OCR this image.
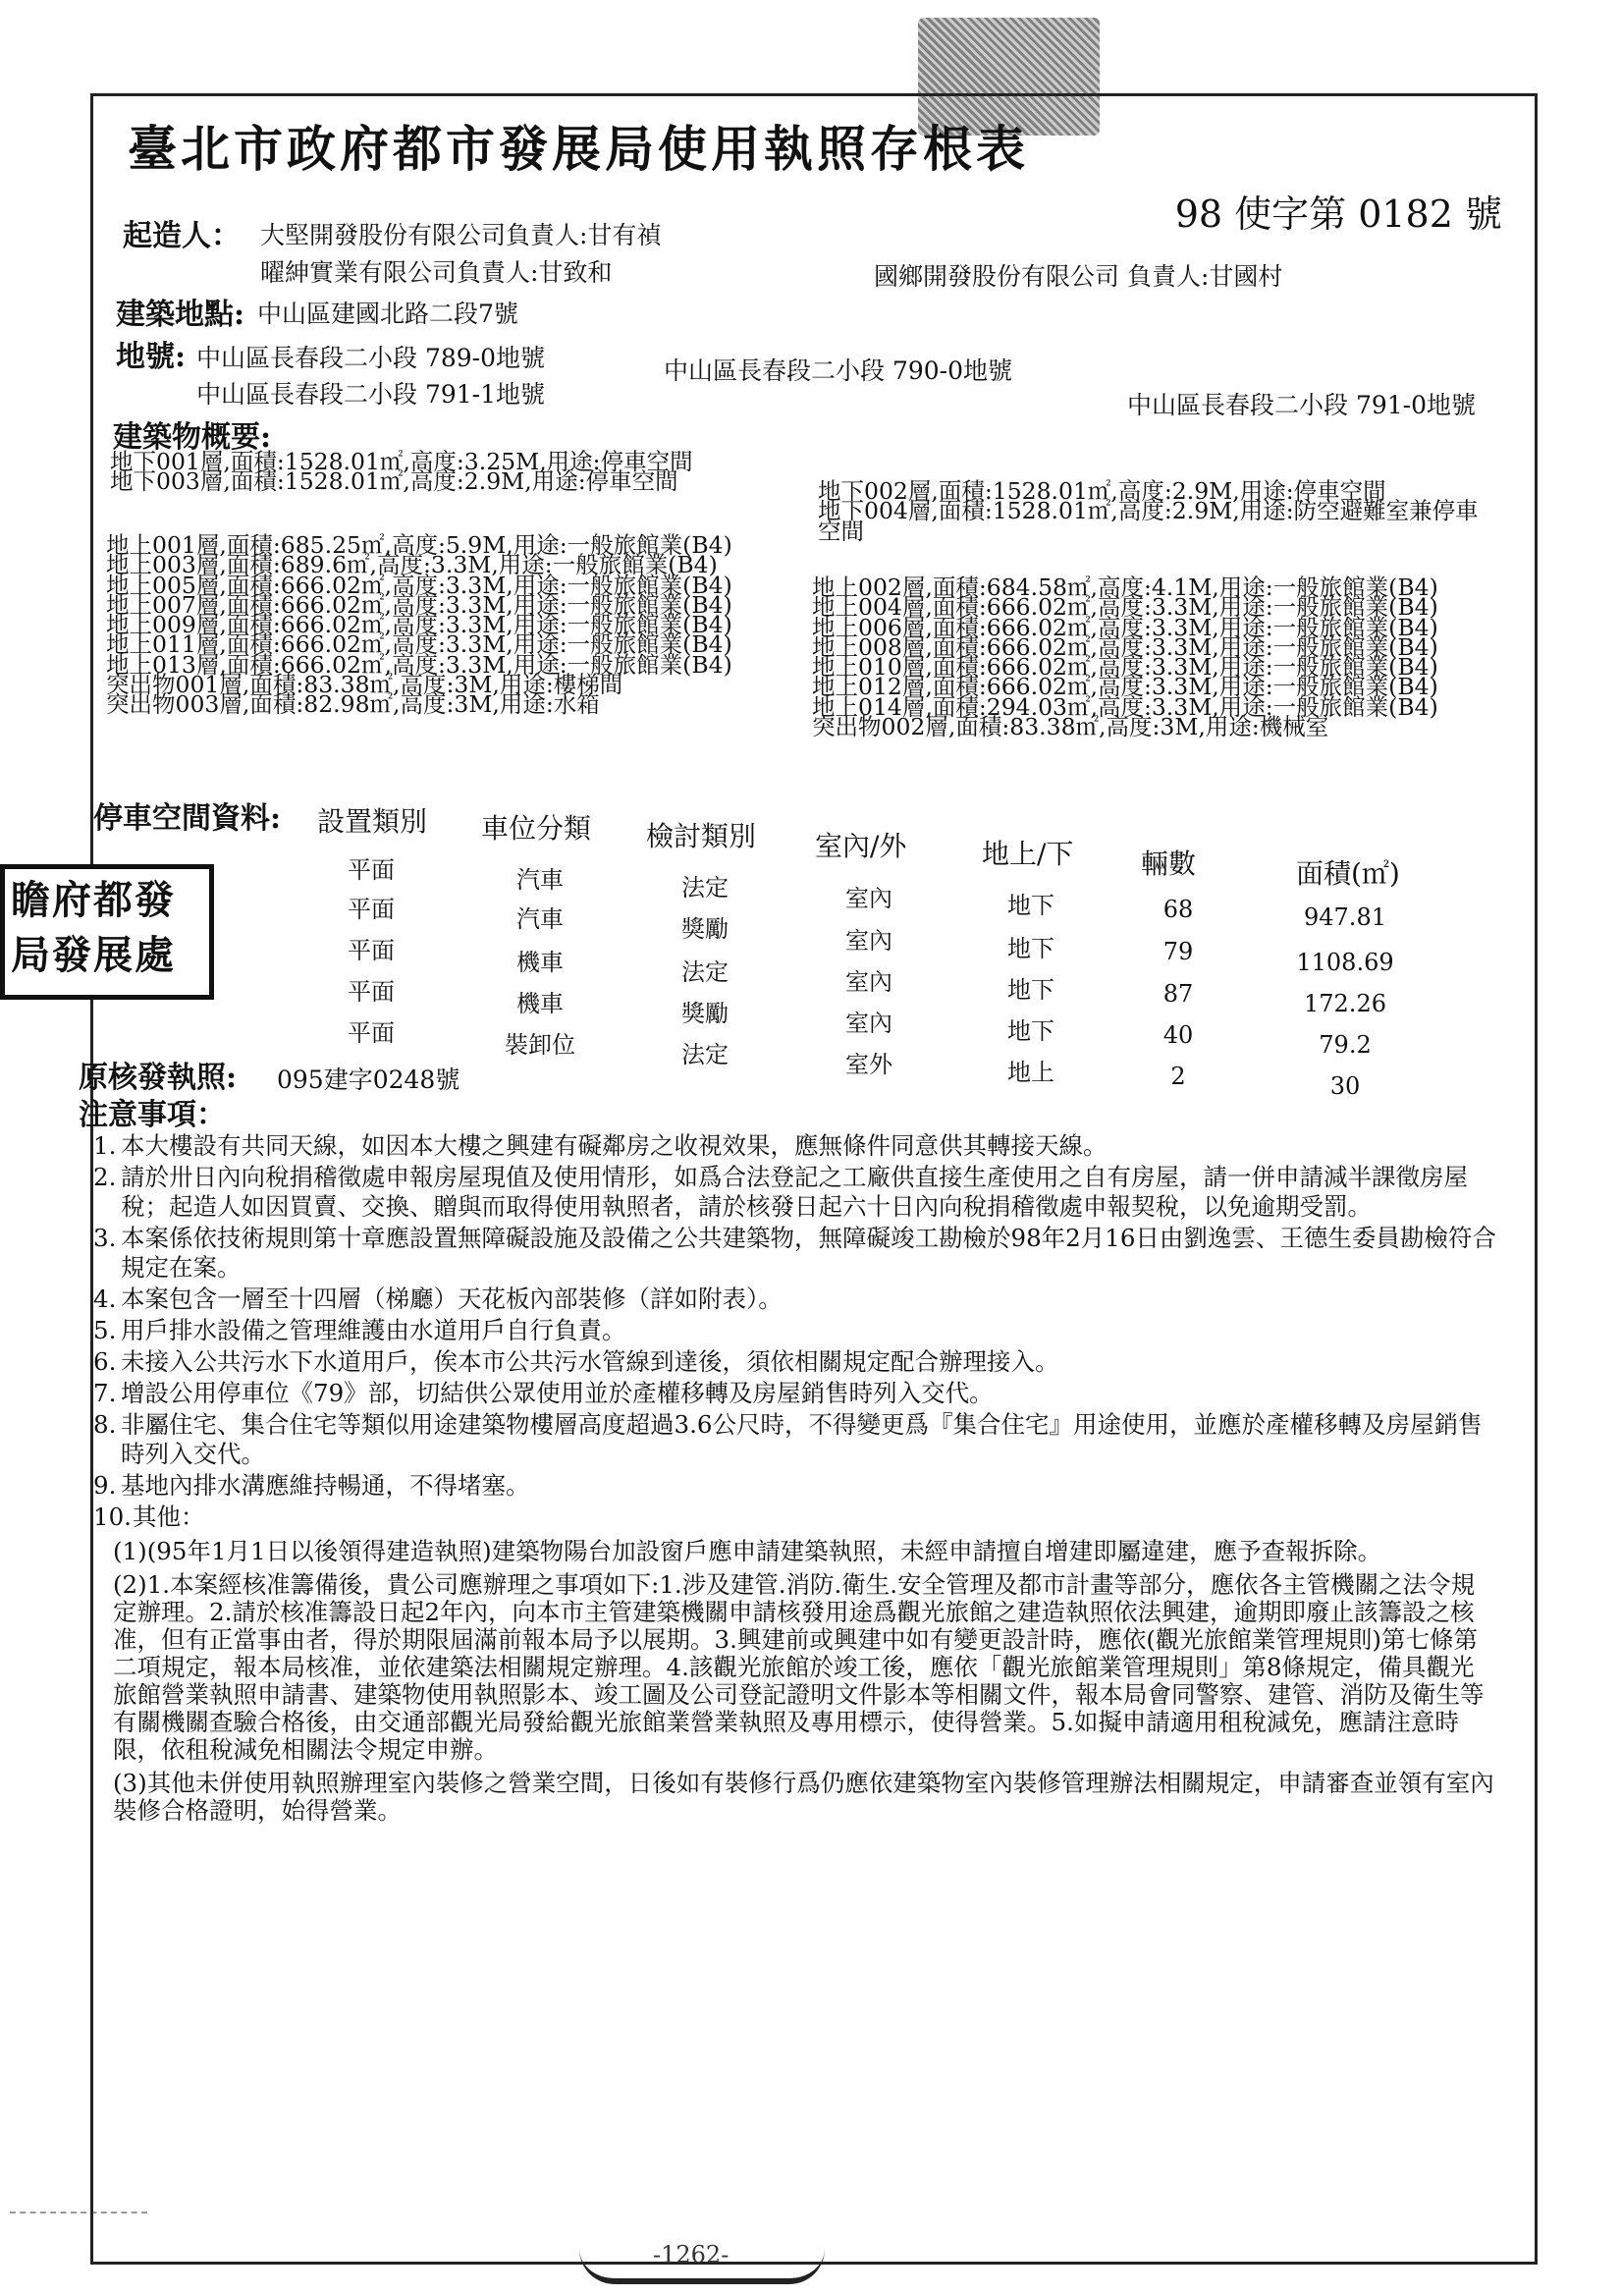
臺北市政府都市發展局使用執照存根表
98 使字第 0182 號
起造人： 大堅開發股份有限公司負責人:甘有禎
曜紳實業有限公司負責人:甘致和	國鄉開發股份有限公司 負責人:甘國村
建築地點: 中山區建國北路二段7號
地號: 中山區長春段二小段 789-0地號	中山區長春段二小段 790-0地號
中山區長春段二小段 791-1地號	中山區長春段二小段 791-0地號
建築物概要:
地下001層,面積:1528.01㎡,高度:3.25M,用途:停車空間
地下003層,面積:1528.01㎡,高度:2.9M,用途:停車空間	地下002層,面積:1528.01㎡,高度:2.9M,用途:停車空間
地下004層,面積:1528.01㎡,高度:2.9M,用途:防空避難室兼停車
空間
地上001層,面積:685.25㎡,高度:5.9M,用途:一般旅館業(B4)
地上003層,面積:689.6㎡,高度:3.3M,用途:一般旅館業(B4)
地上005層,面積:666.02㎡,高度:3.3M,用途:一般旅館業(B4)
地上007層,面積:666.02㎡,高度:3.3M,用途:一般旅館業(B4)
地上009層,面積:666.02㎡,高度:3.3M,用途:一般旅館業(B4)
地上011層,面積:666.02㎡,高度:3.3M,用途:一般旅館業(B4)
地上013層,面積:666.02㎡,高度:3.3M,用途:一般旅館業(B4)
突出物001層,面積:83.38㎡,高度:3M,用途:樓梯間
突出物003層,面積:82.98㎡,高度:3M,用途:水箱
地上002層,面積:684.58㎡,高度:4.1M,用途:一般旅館業(B4)
地上004層,面積:666.02㎡,高度:3.3M,用途:一般旅館業(B4)
地上006層,面積:666.02㎡,高度:3.3M,用途:一般旅館業(B4)
地上008層,面積:666.02㎡,高度:3.3M,用途:一般旅館業(B4)
地上010層,面積:666.02㎡,高度:3.3M,用途:一般旅館業(B4)
地上012層,面積:666.02㎡,高度:3.3M,用途:一般旅館業(B4)
地上014層,面積:294.03㎡,高度:3.3M,用途:一般旅館業(B4)
突出物002層,面積:83.38㎡,高度:3M,用途:機械室
停車空間資料: 設置類別 車位分類 檢討類別 室內/外	地上/下 輛數	面積(㎡)
平面	汽車	法定	室內	地下	68	947.81
平面	汽車	獎勵	室內	地下	79	1108.69
平面	機車	法定	室內	地下	87	172.26
平面	機車	獎勵	室內	地下	40	79.2
平面	裝卸位	法定	室外	地上	2	30
瞻府都發局發展處
原核發執照: 095建字0248號
注意事項：
1. 本大樓設有共同天線，如因本大樓之興建有礙鄰房之收視效果，應無條件同意供其轉接天線。
2. 請於卅日內向稅捐稽徵處申報房屋現值及使用情形，如爲合法登記之工廠供直接生產使用之自有房屋，請一併申請減半課徵房屋稅；起造人如因買賣、交換、贈與而取得使用執照者，請於核發日起六十日內向稅捐稽徵處申報契稅，以免逾期受罰。
3. 本案係依技術規則第十章應設置無障礙設施及設備之公共建築物，無障礙竣工勘檢於98年2月16日由劉逸雲、王德生委員勘檢符合規定在案。
4. 本案包含一層至十四層（梯廳）天花板內部裝修（詳如附表）。
5. 用戶排水設備之管理維護由水道用戶自行負責。
6. 未接入公共污水下水道用戶，俟本市公共污水管線到達後，須依相關規定配合辦理接入。
7. 增設公用停車位《79》部，切結供公眾使用並於產權移轉及房屋銷售時列入交代。
8. 非屬住宅、集合住宅等類似用途建築物樓層高度超過3.6公尺時，不得變更爲『集合住宅』用途使用，並應於產權移轉及房屋銷售時列入交代。
9. 基地內排水溝應維持暢通，不得堵塞。
10. 其他：
(1)(95年1月1日以後領得建造執照)建築物陽台加設窗戶應申請建築執照，未經申請擅自增建即屬違建，應予查報拆除。
(2)1.本案經核准籌備後，貴公司應辦理之事項如下:1.涉及建管.消防.衛生.安全管理及都市計畫等部分，應依各主管機關之法令規定辦理。2.請於核准籌設日起2年內，向本市主管建築機關申請核發用途爲觀光旅館之建造執照依法興建，逾期即廢止該籌設之核准，但有正當事由者，得於期限屆滿前報本局予以展期。3.興建前或興建中如有變更設計時，應依(觀光旅館業管理規則)第七條第二項規定，報本局核准，並依建築法相關規定辦理。4.該觀光旅館於竣工後，應依「觀光旅館業管理規則」第8條規定，備具觀光旅館營業執照申請書、建築物使用執照影本、竣工圖及公司登記證明文件影本等相關文件，報本局會同警察、建管、消防及衛生等有關機關查驗合格後，由交通部觀光局發給觀光旅館業營業執照及專用標示，使得營業。5.如擬申請適用租稅減免，應請注意時限，依租稅減免相關法令規定申辦。
(3)其他未併使用執照辦理室內裝修之營業空間，日後如有裝修行爲仍應依建築物室內裝修管理辦法相關規定，申請審查並領有室內裝修合格證明，始得營業。
-1262-
